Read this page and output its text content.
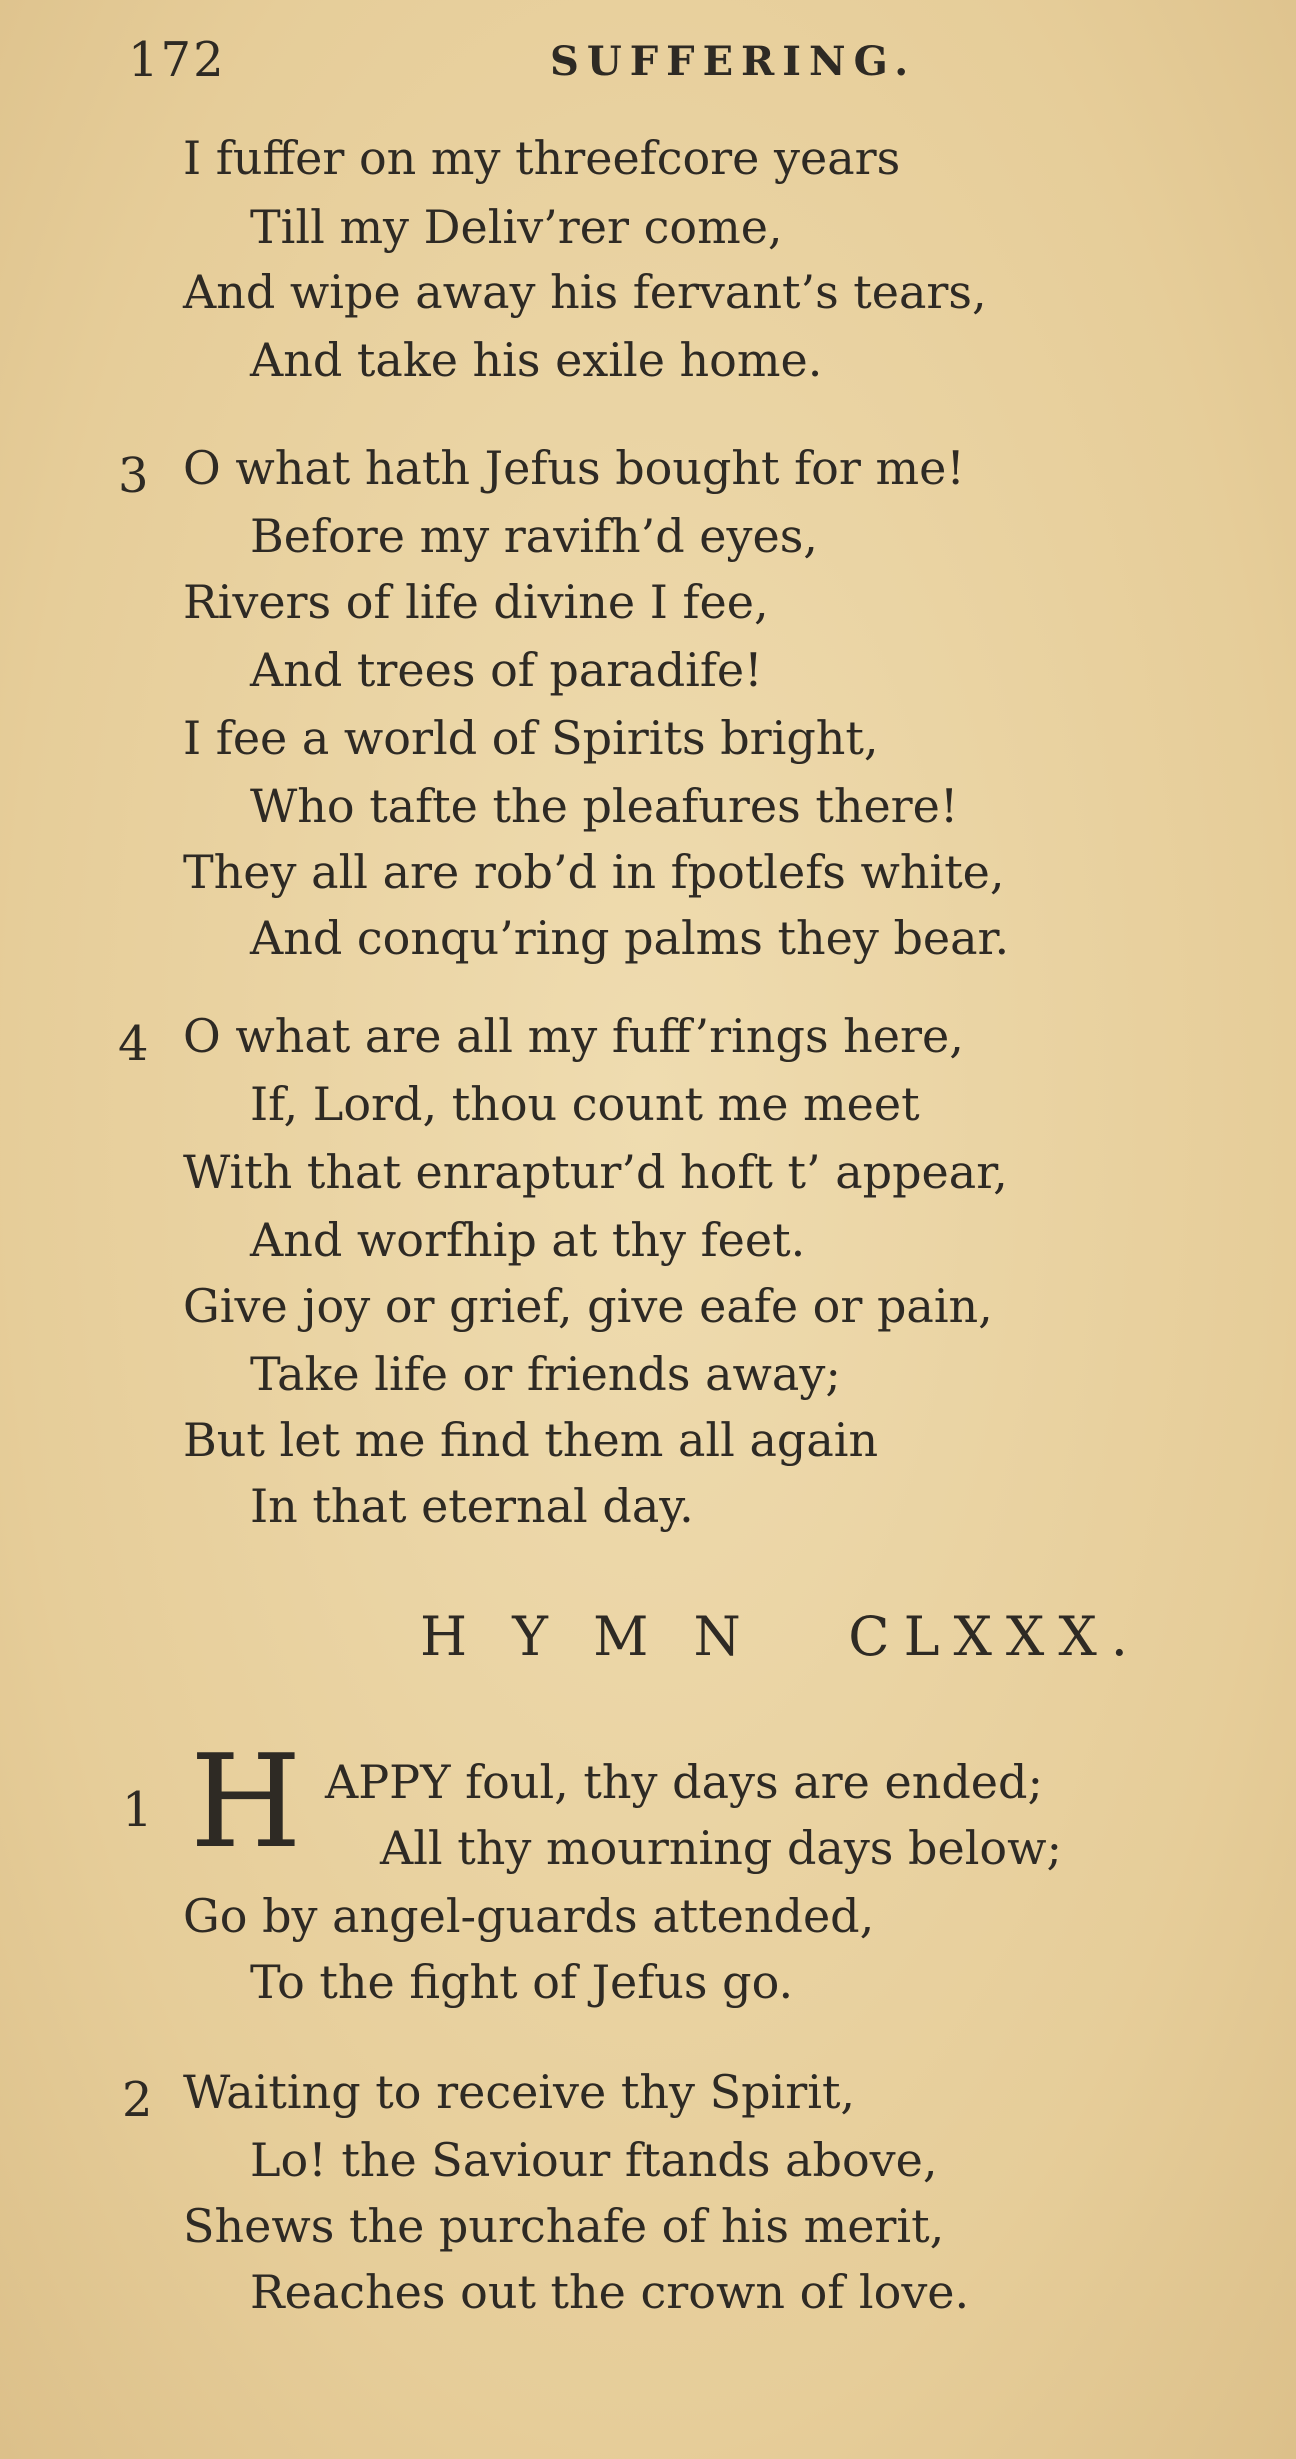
172	SUFFERING.
I fuffer on my threefcore years
Till my Deliv’rer come,
And wipe away his fervant’s tears,
And take his exile home.
3 O what hath Jefus bought for me!
Before my ravifh’d eyes,
Rivers of life divine I fee,
And trees of paradife!
I fee a world of Spirits bright,
Who tafte the pleafures there!
They all are rob’d in fpotlefs white,
And conqu’ring palms they bear.
4 O what are all my fuff’rings here,
If, Lord, thou count me meet
With that enraptur’d hoft t’ appear,
And worfhip at thy feet.
Give joy or grief, give eafe or pain,
Take life or friends away;
But let me find them all again
In that eternal day.
H Y M N   CLXXX.
1 H APPY foul, thy days are ended;
All thy mourning days below;
Go by angel-guards attended,
To the fight of Jefus go.
2 Waiting to receive thy Spirit,
Lo! the Saviour ftands above,
Shews the purchafe of his merit,
Reaches out the crown of love.
